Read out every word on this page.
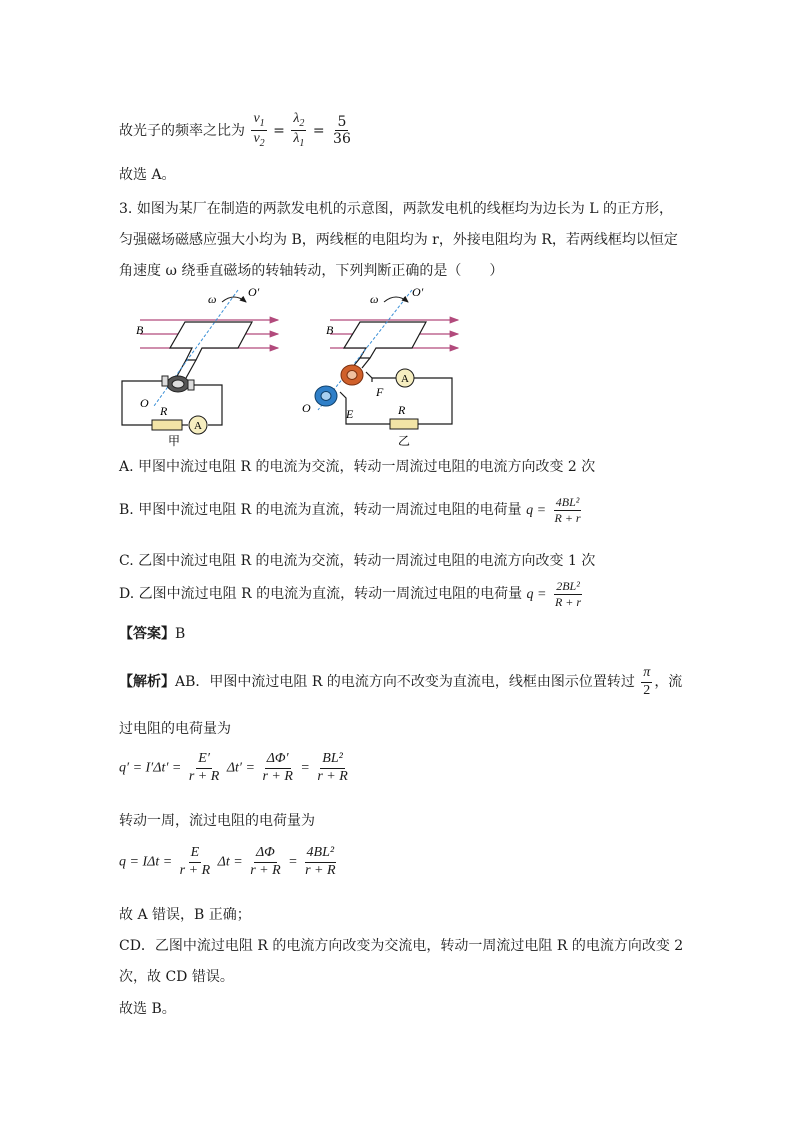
故光子的频率之比为 $\frac{\nu_1}{\nu_2} = \frac{\lambda_2}{\lambda_1} = \frac{5}{36}$
故选 A。
3. 如图为某厂在制造的两款发电机的示意图，两款发电机的线框均为边长为 L 的正方形，
匀强磁场磁感应强大小均为 B，两线框的电阻均为 r，外接电阻均为 R，若两线框均以恒定
角速度 ω 绕垂直磁场的转轴转动，下列判断正确的是（　　）
ω	O′
B
A
R
O
甲
ω	O′
B
A
R
F
E
O
乙
A. 甲图中流过电阻 R 的电流为交流，转动一周流过电阻的电流方向改变 2 次
B. 甲图中流过电阻 R 的电流为直流，转动一周流过电阻的电荷量 $q = \frac{\text{4BL²}}{R + r}$
C. 乙图中流过电阻 R 的电流为交流，转动一周流过电阻的电流方向改变 1 次
D. 乙图中流过电阻 R 的电流为直流，转动一周流过电阻的电荷量 $q = \frac{\text{2BL²}}{R + r}$
【答案】B
【解析】AB．甲图中流过电阻 R 的电流方向不改变为直流电，线框由图示位置转过 $\frac{\pi}{2}$ ，流
过电阻的电荷量为
$q' = I'\Delta t' = \frac{E'}{r + R} \Delta t' = \frac{\Delta\Phi'}{r + R} = \frac{\text{BL²}}{r + R}$
转动一周，流过电阻的电荷量为
$q = I\Delta t = \frac{E}{r + R}$ $\Delta t = \frac{\Delta\Phi}{r + R} = \frac{\text{4BL²}}{r + R}$
故 A 错误，B 正确；
CD．乙图中流过电阻 R 的电流方向改变为交流电，转动一周流过电阻 R 的电流方向改变 2
次，故 CD 错误。
故选 B。
